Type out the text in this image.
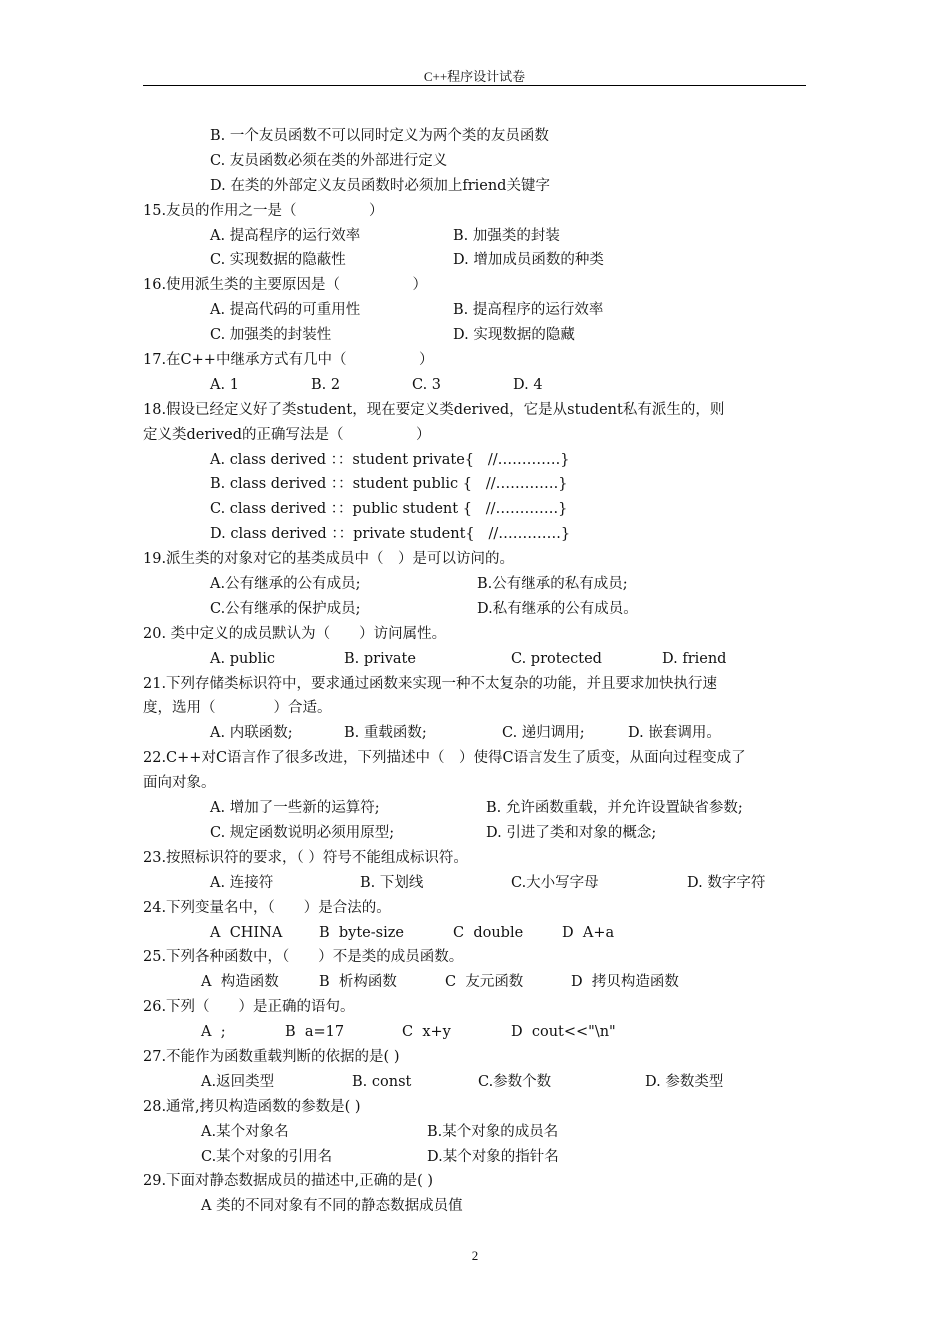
C++程序设计试卷
B. 一个友员函数不可以同时定义为两个类的友员函数
C. 友员函数必须在类的外部进行定义
D. 在类的外部定义友员函数时必须加上friend关键字
15.友员的作用之一是（　　　　　）
A. 提高程序的运行效率	B. 加强类的封装
C. 实现数据的隐蔽性	D. 增加成员函数的种类
16.使用派生类的主要原因是（　　　　　）
A. 提高代码的可重用性	B. 提高程序的运行效率
C. 加强类的封装性	D. 实现数据的隐藏
17.在C++中继承方式有几中（　　　　　）
A. 1	B. 2	C. 3	D. 4
18.假设已经定义好了类student，现在要定义类derived，它是从student私有派生的，则
定义类derived的正确写法是（　　　　　）
A. class derived ：：student private{   //………….}
B. class derived ：：student public {   //………….}
C. class derived ：：public student {   //………….}
D. class derived ：：private student{   //………….}
19.派生类的对象对它的基类成员中（　）是可以访问的。
A.公有继承的公有成员;	B.公有继承的私有成员;
C.公有继承的保护成员;	D.私有继承的公有成员。
20. 类中定义的成员默认为（　　）访问属性。
A. public	B. private	C. protected	D. friend
21.下列存储类标识符中，要求通过函数来实现一种不太复杂的功能，并且要求加快执行速
度，选用（　　　　）合适。
A. 内联函数;	B. 重载函数;	C. 递归调用;	D. 嵌套调用。
22.C++对C语言作了很多改进，下列描述中（　）使得C语言发生了质变，从面向过程变成了
面向对象。
A. 增加了一些新的运算符;	B. 允许函数重载，并允许设置缺省参数;
C. 规定函数说明必须用原型;	D. 引进了类和对象的概念;
23.按照标识符的要求，（ ）符号不能组成标识符。
A. 连接符	B. 下划线	C.大小写字母	D. 数字字符
24.下列变量名中，（　　）是合法的。
A  CHINA	B  byte-size	C  double	D  A+a
25.下列各种函数中，（　　）不是类的成员函数。
A  构造函数	B  析构函数	C  友元函数	D  拷贝构造函数
26.下列（　　）是正确的语句。
A  ;	B  a=17	C  x+y	D  cout<<"\n"
27.不能作为函数重载判断的依据的是( )
A.返回类型	B. const	C.参数个数	D. 参数类型
28.通常,拷贝构造函数的参数是( )
A.某个对象名	B.某个对象的成员名
C.某个对象的引用名	D.某个对象的指针名
29.下面对静态数据成员的描述中,正确的是( )
A 类的不同对象有不同的静态数据成员值
2
